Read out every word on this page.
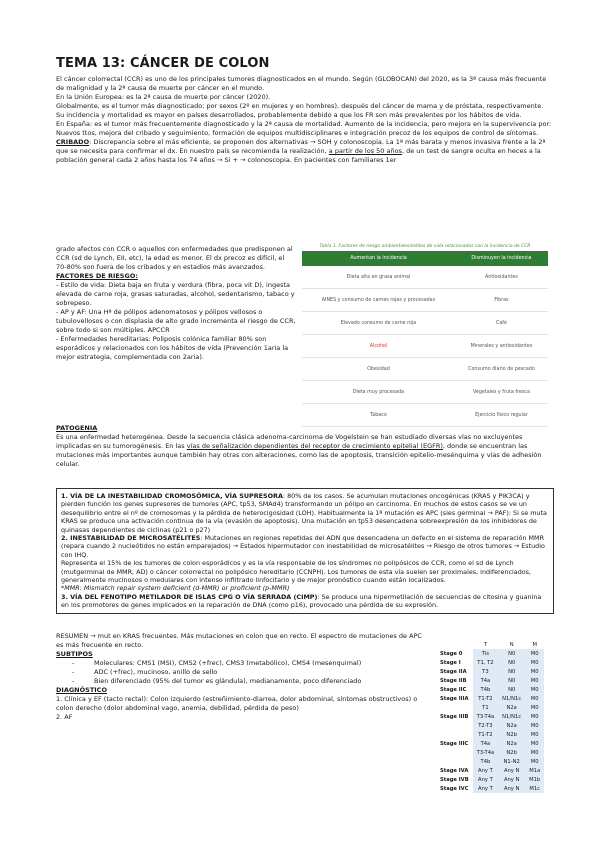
TEMA 13: CÁNCER DE COLON

El cáncer colorrectal (CCR) es uno de los principales tumores diagnosticados en el mundo. Según (GLOBOCAN) del 2020, es la 3ª causa más frecuente de malignidad y la 2ª causa de muerte por cáncer en el mundo.

En la Unión Europea: es la 2ª causa de muerte por cáncer (2020).

Globalmente, es el tumor más diagnosticado; por sexos (2º en mujeres y en hombres), después del cáncer de mama y de próstata, respectivamente. Su incidencia y mortalidad es mayor en países desarrollados, probablemente debido a que los FR son más prevalentes por los hábitos de vida.

En España: es el tumor más frecuentemente diagnosticado y la 2ª causa de mortalidad. Aumento de la incidencia, pero mejora en la supervivencia por: Nuevos ttos, mejora del cribado y seguimiento, formación de equipos multidisciplinares e integración precoz de los equipos de control de síntomas.

CRIBADO: Discrepancia sobre el más eficiente, se proponen dos alternativas → SOH y colonoscopia. La 1ª más barata y menos invasiva frente a la 2ª que se necesita para confirmar el dx. En nuestro país se recomienda la realización, a partir de los 50 años, de un test de sangre oculta en heces a la población general cada 2 años hasta los 74 años → Si + → colonoscopia. En pacientes con familiares 1er

Tabla 1. Factores de riesgo ambientales/estilos de vida relacionados con la incidencia de CCR
Aumentan la incidencia	Disminuyen la incidencia
Dieta alta en grasa animal	Antioxidantes
AINES y consumo de carnes rojas y procesadas	Fibras
Elevado consumo de carne roja	Café
Alcohol	Minerales y antioxidantes
Obesidad	Consumo diario de pescado
Dieta muy procesada	Vegetales y fruta fresca
Tabaco	Ejercicio físico regular

grado afectos con CCR o aquellos con enfermedades que predisponen al CCR (sd de Lynch, EII, etc), la edad es menor. El dx precoz es difícil, el 70-80% son fuera de los cribados y en estadios más avanzados.

FACTORES DE RIESGO:

- Estilo de vida: Dieta baja en fruta y verdura (fibra, poca vit D), ingesta elevada de carne roja, grasas saturadas, alcohol, sedentarismo, tabaco y sobrepeso.

- AP y AF: Una Hª de pólipos adenomatosos y pólipos vellosos o tubulovellosos o con displasia de alto grado incrementa el riesgo de CCR, sobre todo si son múltiples. APCCR

- Enfermedades hereditarias: Poliposis colónica familiar 80% son esporádicos y relacionados con los hábitos de vida (Prevención 1aria la mejor estrategia, complementada con 2aria).

PATOGENIA

Es una enfermedad heterogénea. Desde la secuencia clásica adenoma-carcinoma de Vogelstein se han estudiado diversas vías no excluyentes implicadas en su tumorogénesis. En las vías de señalización dependientes del receptor de crecimiento epitelial (EGFR), donde se encuentran las mutaciones más importantes aunque también hay otras con alteraciones, como las de apoptosis, transición epitelio-mesénquima y vías de adhesión celular.

1. VÍA DE LA INESTABILIDAD CROMOSÓMICA, VÍA SUPRESORA: 80% de los casos. Se acumulan mutaciones oncogénicas (KRAS y PIK3CA) y pierden función los genes supresores de tumores (APC, tp53, SMAd4) transformando un pólipo en carcinoma. En muchos de estos casos se ve un desequilibrio entre el nº de cromosomas y la pérdida de heterocigosidad (LOH). Habitualmente la 1ª mutación es APC (sies germinal → PAF): Si se muta KRAS se produce una activación continua de la vía (evasión de apoptosis). Una mutación en tp53 desencadena sobreexpresión de los inhibidores de quinasas dependientes de ciclinas (p21 o p27)

2. INESTABILIDAD DE MICROSATÉLITES: Mutaciones en regiones repetidas del ADN que desencadena un defecto en el sistema de reparación MMR (repara cuando 2 nucleótidos no están emparejados) → Estados hipermutador con inestabilidad de microsatélites → Riesgo de otros tumores → Estudio con IHQ.

Representa el 15% de los tumores de colon esporádicos y es la vía responsable de los síndromes no polipósicos de CCR, como el sd de Lynch (mutgerminal de MMR, AD) o cáncer colorrectal no polipósico hereditario (CCNPH). Los tumores de esta vía suelen ser proximales, indiferenciados, generalmente mucinosos o medulares con intenso infiltrado linfocitario y de mejor pronóstico cuando están localizados.

*MMR: Mismatch repair system deficient (d-MMR) or proficient (p-MMR)

3. VÍA DEL FENOTIPO METILADOR DE ISLAS CPG O VÍA SERRADA (CIMP): Se produce una hipermetilación de secuencias de citosina y guanina en los promotores de genes implicados en la reparación de DNA (como p16), provocado una pérdida de su expresión.

RESUMEN → mut en KRAS frecuentes. Más mutaciones en colon que en recto. El espectro de mutaciones de APC es más frecuente en recto.

SUBTIPOS

- Moleculares: CMS1 (MSI), CMS2 (+frec), CMS3 (metabólico), CMS4 (mesenquimal)
- ADC (+frec), mucinoso, anillo de sello
- Bien diferenciado (95% del tumor es glándula), medianamente, poco diferenciado

DIAGNÓSTICO

1. Clínica y EF (tacto rectal): Colon izquierdo (estreñimiento-diarrea, dolor abdominal, síntomas obstructivos) o colon derecho (dolor abdominal vago, anemia, debilidad, pérdida de peso)

2. AF

	T	N	M
Stage 0	Tis	N0	M0
Stage I	T1, T2	N0	M0
Stage IIA	T3	N0	M0
Stage IIB	T4a	N0	M0
Stage IIC	T4b	N0	M0
Stage IIIA	T1-T2	N1/N1c	M0
	T1	N2a	M0
Stage IIIB	T3-T4a	N1/N1c	M0
	T2-T3	N2a	M0
	T1-T2	N2b	M0
Stage IIIC	T4a	N2a	M0
	T3-T4a	N2b	M0
	T4b	N1-N2	M0
Stage IVA	Any T	Any N	M1a
Stage IVB	Any T	Any N	M1b
Stage IVC	Any T	Any N	M1c
